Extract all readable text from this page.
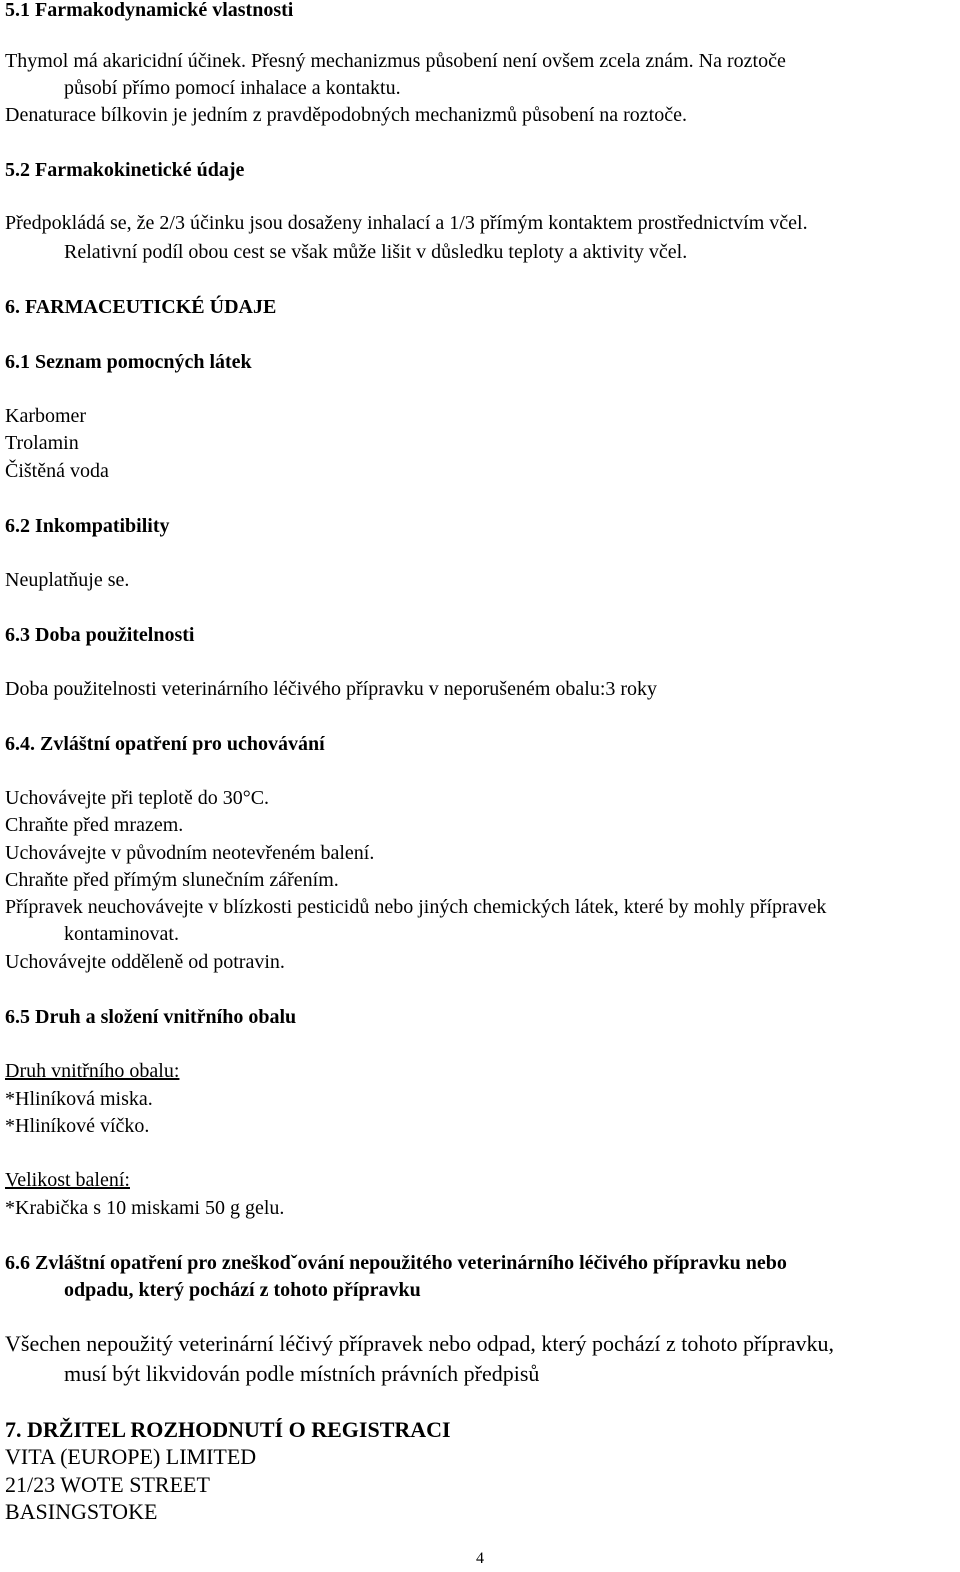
5.1 Farmakodynamické vlastnosti
Thymol má akaricidní účinek. Přesný mechanizmus působení není ovšem zcela znám. Na roztoče
působí přímo pomocí inhalace a kontaktu.
Denaturace bílkovin je jedním z pravděpodobných mechanizmů působení na roztoče.
5.2 Farmakokinetické údaje
Předpokládá se, že 2/3 účinku jsou dosaženy inhalací a 1/3 přímým kontaktem prostřednictvím včel.
Relativní podíl obou cest se však může lišit v důsledku teploty a aktivity včel.
6. FARMACEUTICKÉ ÚDAJE
6.1 Seznam pomocných látek
Karbomer
Trolamin
Čištěná voda
6.2 Inkompatibility
Neuplatňuje se.
6.3 Doba použitelnosti
Doba použitelnosti veterinárního léčivého přípravku v neporušeném obalu:3 roky
6.4. Zvláštní opatření pro uchovávání
Uchovávejte při teplotě do 30°C.
Chraňte před mrazem.
Uchovávejte v původním neotevřeném balení.
Chraňte před přímým slunečním zářením.
Přípravek neuchovávejte v blízkosti pesticidů nebo jiných chemických látek, které by mohly přípravek
kontaminovat.
Uchovávejte odděleně od potravin.
6.5 Druh a složení vnitřního obalu
Druh vnitřního obalu:
*Hliníková miska.
*Hliníkové víčko.
Velikost balení:
*Krabička s 10 miskami 50 g gelu.
6.6 Zvláštní opatření pro zneškodˇování nepoužitého veterinárního léčivého přípravku nebo
odpadu, který pochází z tohoto přípravku
Všechen nepoužitý veterinární léčivý přípravek nebo odpad, který pochází z tohoto přípravku,
musí být likvidován podle místních právních předpisů
7. DRŽITEL ROZHODNUTÍ O REGISTRACI
VITA (EUROPE) LIMITED
21/23 WOTE STREET
BASINGSTOKE
4
